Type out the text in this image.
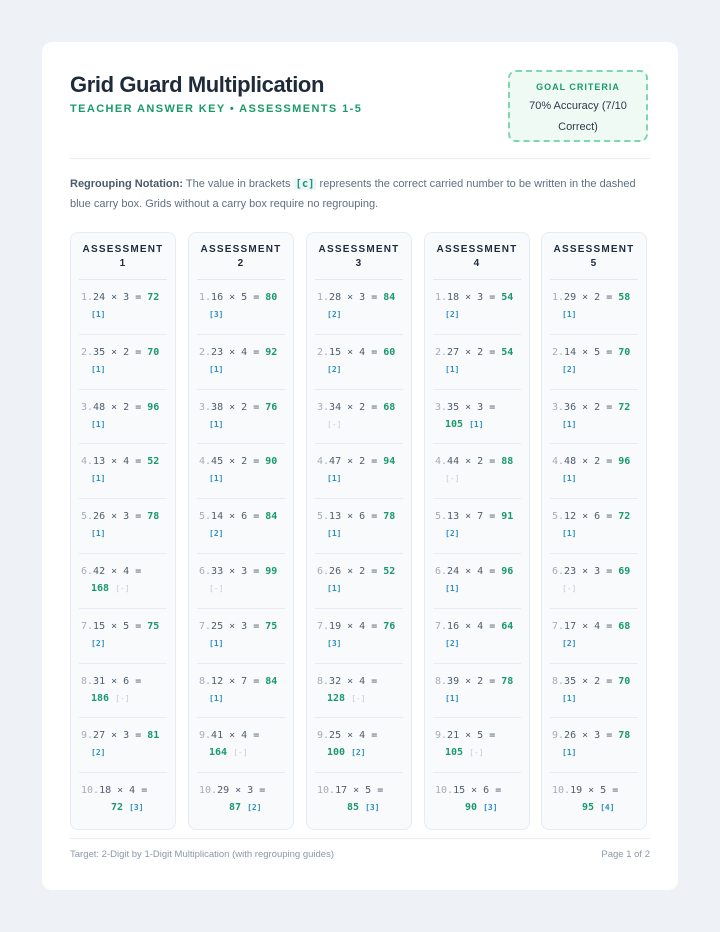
Grid Guard Multiplication
TEACHER ANSWER KEY • ASSESSMENTS 1-5
GOAL CRITERIA
70% Accuracy (7/10 Correct)
Regrouping Notation: The value in brackets [c] represents the correct carried number to be written in the dashed blue carry box. Grids without a carry box require no regrouping.
ASSESSMENT
1
1.24 × 3 = 72
[1]
2.35 × 2 = 70
[1]
3.48 × 2 = 96
[1]
4.13 × 4 = 52
[1]
5.26 × 3 = 78
[1]
6.42 × 4 =
168 [-]
7.15 × 5 = 75
[2]
8.31 × 6 =
186 [-]
9.27 × 3 = 81
[2]
10.18 × 4 =
72 [3]
ASSESSMENT
2
1.16 × 5 = 80
[3]
2.23 × 4 = 92
[1]
3.38 × 2 = 76
[1]
4.45 × 2 = 90
[1]
5.14 × 6 = 84
[2]
6.33 × 3 = 99
[-]
7.25 × 3 = 75
[1]
8.12 × 7 = 84
[1]
9.41 × 4 =
164 [-]
10.29 × 3 =
87 [2]
ASSESSMENT
3
1.28 × 3 = 84
[2]
2.15 × 4 = 60
[2]
3.34 × 2 = 68
[-]
4.47 × 2 = 94
[1]
5.13 × 6 = 78
[1]
6.26 × 2 = 52
[1]
7.19 × 4 = 76
[3]
8.32 × 4 =
128 [-]
9.25 × 4 =
100 [2]
10.17 × 5 =
85 [3]
ASSESSMENT
4
1.18 × 3 = 54
[2]
2.27 × 2 = 54
[1]
3.35 × 3 =
105 [1]
4.44 × 2 = 88
[-]
5.13 × 7 = 91
[2]
6.24 × 4 = 96
[1]
7.16 × 4 = 64
[2]
8.39 × 2 = 78
[1]
9.21 × 5 =
105 [-]
10.15 × 6 =
90 [3]
ASSESSMENT
5
1.29 × 2 = 58
[1]
2.14 × 5 = 70
[2]
3.36 × 2 = 72
[1]
4.48 × 2 = 96
[1]
5.12 × 6 = 72
[1]
6.23 × 3 = 69
[-]
7.17 × 4 = 68
[2]
8.35 × 2 = 70
[1]
9.26 × 3 = 78
[1]
10.19 × 5 =
95 [4]
Target: 2-Digit by 1-Digit Multiplication (with regrouping guides)	Page 1 of 2
